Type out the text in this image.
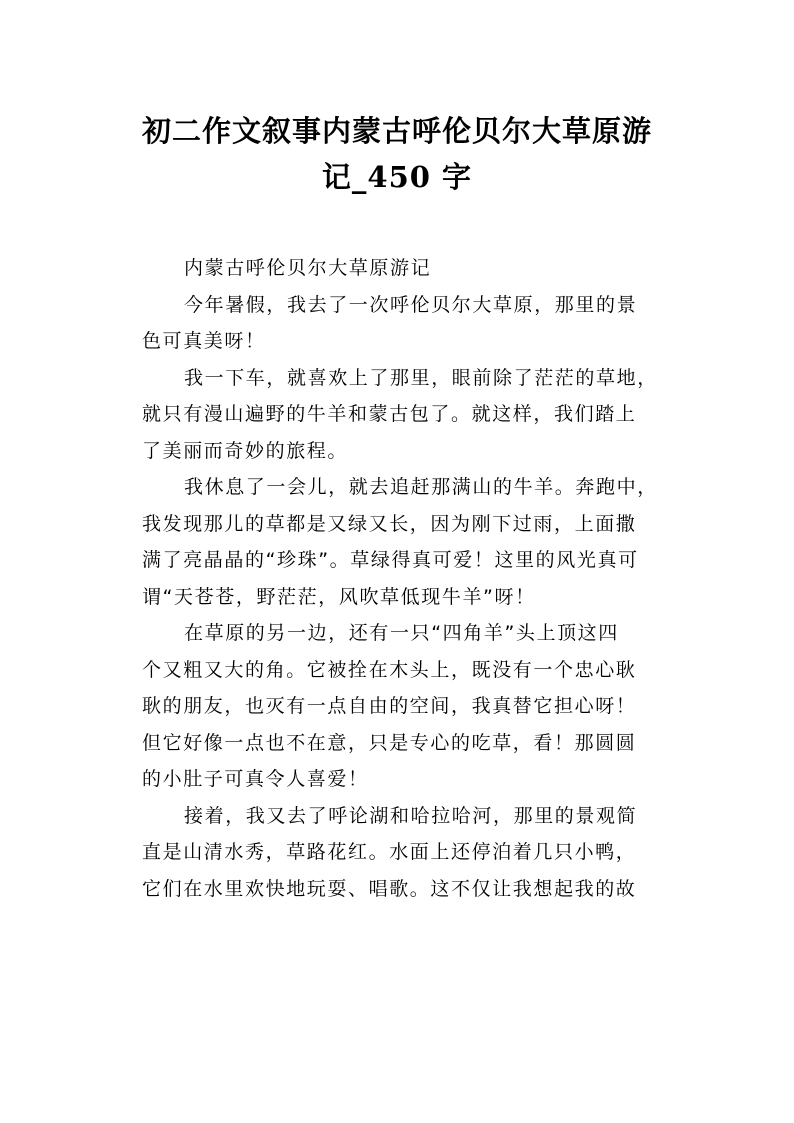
初二作文叙事内蒙古呼伦贝尔大草原游
记_450 字
内蒙古呼伦贝尔大草原游记
今年暑假，我去了一次呼伦贝尔大草原，那里的景
色可真美呀！
我一下车，就喜欢上了那里，眼前除了茫茫的草地，
就只有漫山遍野的牛羊和蒙古包了。就这样，我们踏上
了美丽而奇妙的旅程。
我休息了一会儿，就去追赶那满山的牛羊。奔跑中，
我发现那儿的草都是又绿又长，因为刚下过雨，上面撒
满了亮晶晶的“珍珠”。草绿得真可爱！这里的风光真可
谓“天苍苍，野茫茫，风吹草低现牛羊”呀！
在草原的另一边，还有一只“四角羊”头上顶这四
个又粗又大的角。它被拴在木头上，既没有一个忠心耿
耿的朋友，也灭有一点自由的空间，我真替它担心呀！
但它好像一点也不在意，只是专心的吃草，看！那圆圆
的小肚子可真令人喜爱！
接着，我又去了呼论湖和哈拉哈河，那里的景观简
直是山清水秀，草路花红。水面上还停泊着几只小鸭，
它们在水里欢快地玩耍、唱歌。这不仅让我想起我的故
